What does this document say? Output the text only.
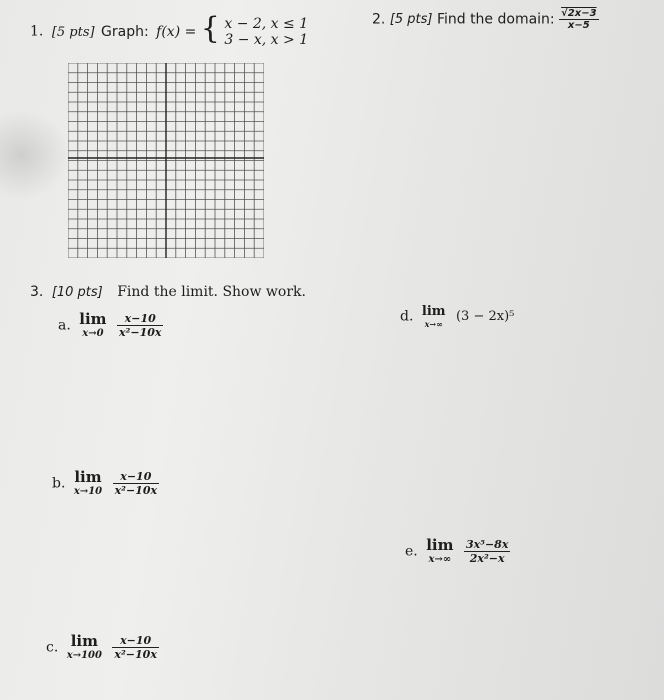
1. [5 pts] Graph: f(x) = { x − 2, x ≤ 1
3 − x, x > 1
2. [5 pts] Find the domain: $\frac{√2x-3}{x-5}$
3. [10 pts] Find the limit. Show work.
a. lim
x→0
$\frac{x-10}{\text{x²−10x}}$	d. lim
x→∞ (3 − 2x)⁵
b. lim
x→10
$\frac{x-10}{\text{x²−10x}}$
e. lim
x→∞
$\frac{\text{3x⁵−8x}}{\text{2x²−x}}$
c. lim
x→100
$\frac{x-10}{\text{x²−10x}}$
